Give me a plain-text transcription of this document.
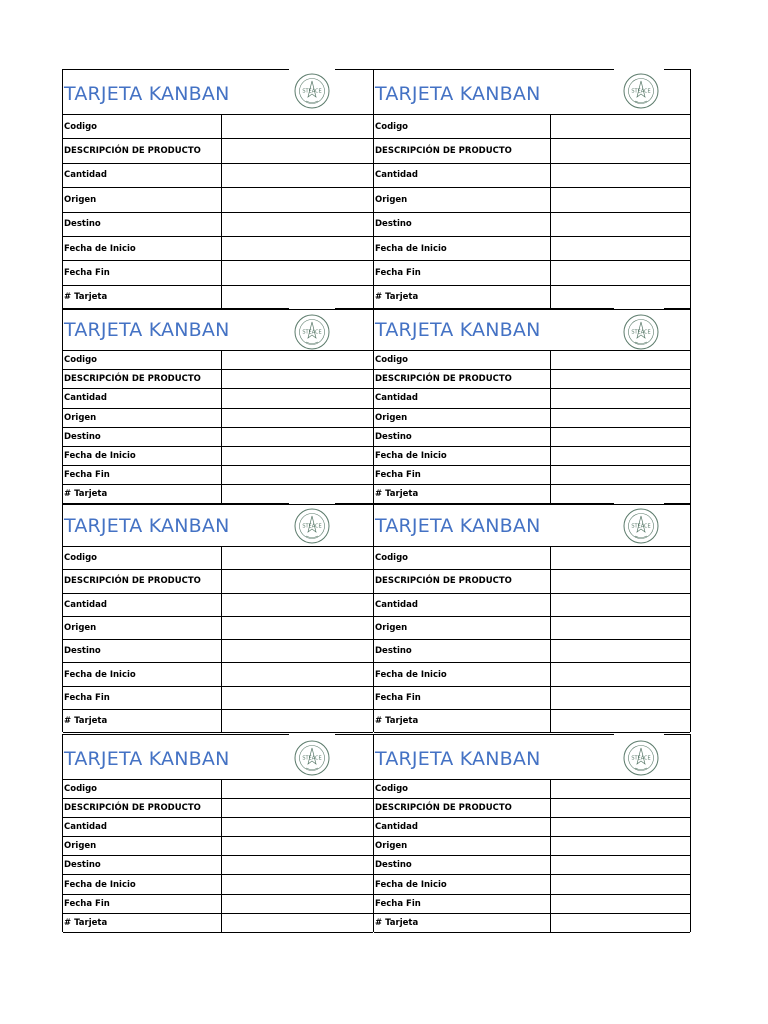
TARJETA KANBAN	STEACE
Codigo
DESCRIPCIÓN DE PRODUCTO
Cantidad
Origen
Destino
Fecha de Inicio
Fecha Fin
# Tarjeta
TARJETA KANBAN	STEACE
Codigo
DESCRIPCIÓN DE PRODUCTO
Cantidad
Origen
Destino
Fecha de Inicio
Fecha Fin
# Tarjeta
TARJETA KANBAN	STEACE
Codigo
DESCRIPCIÓN DE PRODUCTO
Cantidad
Origen
Destino
Fecha de Inicio
Fecha Fin
# Tarjeta
TARJETA KANBAN	STEACE
Codigo
DESCRIPCIÓN DE PRODUCTO
Cantidad
Origen
Destino
Fecha de Inicio
Fecha Fin
# Tarjeta
TARJETA KANBAN	STEACE
Codigo
DESCRIPCIÓN DE PRODUCTO
Cantidad
Origen
Destino
Fecha de Inicio
Fecha Fin
# Tarjeta
TARJETA KANBAN	STEACE
Codigo
DESCRIPCIÓN DE PRODUCTO
Cantidad
Origen
Destino
Fecha de Inicio
Fecha Fin
# Tarjeta
TARJETA KANBAN	STEACE
Codigo
DESCRIPCIÓN DE PRODUCTO
Cantidad
Origen
Destino
Fecha de Inicio
Fecha Fin
# Tarjeta
TARJETA KANBAN	STEACE
Codigo
DESCRIPCIÓN DE PRODUCTO
Cantidad
Origen
Destino
Fecha de Inicio
Fecha Fin
# Tarjeta
